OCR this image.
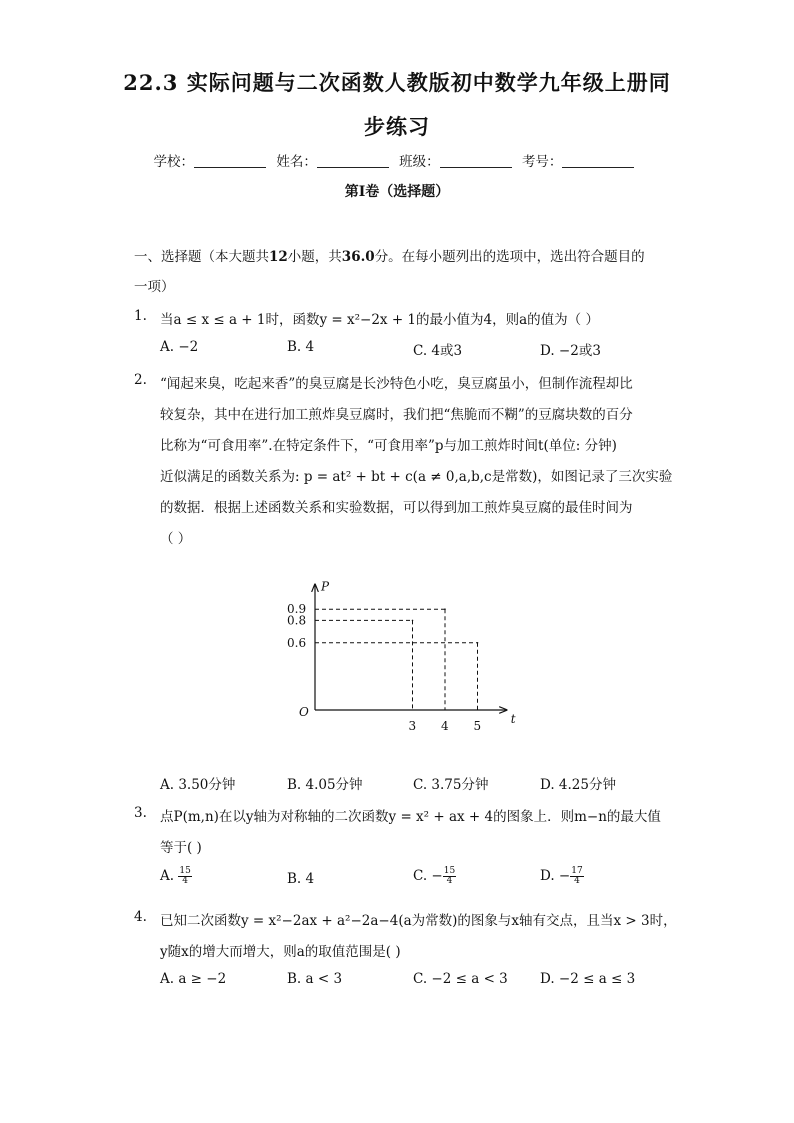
22.3 实际问题与二次函数人教版初中数学九年级上册同
步练习
学校：	姓名：	班级：	考号：
第I卷（选择题）
一、选择题（本大题共12小题，共36.0分。在每小题列出的选项中，选出符合题目的
一项）
1. 当a ≤ x ≤ a + 1时，函数y = x²−2x + 1的最小值为4，则a的值为（ ）
A. −2	B. 4	C. 4或3	D. −2或3
2. “闻起来臭，吃起来香”的臭豆腐是长沙特色小吃，臭豆腐虽小，但制作流程却比
较复杂，其中在进行加工煎炸臭豆腐时，我们把“焦脆而不糊”的豆腐块数的百分
比称为“可食用率”.在特定条件下，“可食用率”p与加工煎炸时间t(单位: 分钟)
近似满足的函数关系为: p = at² + bt + c(a ≠ 0,a,b,c是常数)，如图记录了三次实验
的数据．根据上述函数关系和实验数据，可以得到加工煎炸臭豆腐的最佳时间为
（ ）
t
P
O
3 4 5
0.6
0.8
0.9
A. 3.50分钟	B. 4.05分钟	C. 3.75分钟	D. 4.25分钟
3. 点P(m,n)在以y轴为对称轴的二次函数y = x² + ax + 4的图象上．则m−n的最大值
等于( )
A. $\frac{15}{4}$	B. 4	C. − $\frac{15}{4}$	D. − $\frac{17}{4}$
4. 已知二次函数y = x²−2ax + a²−2a−4(a为常数)的图象与x轴有交点，且当x > 3时，
y随x的增大而增大，则a的取值范围是( )
A. a ≥ −2	B. a < 3	C. −2 ≤ a < 3 D. −2 ≤ a ≤ 3
